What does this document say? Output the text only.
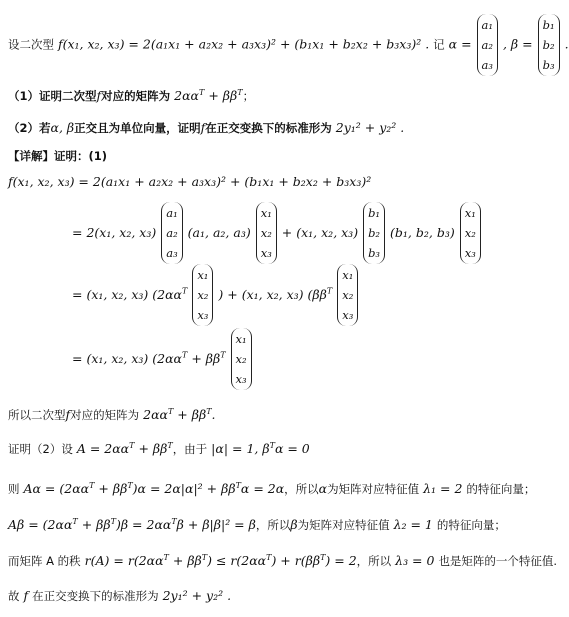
设二次型 f(x₁, x₂, x₃) = 2(a₁x₁ + a₂x₂ + a₃x₃)² + (b₁x₁ + b₂x₂ + b₃x₃)² . 记 α =
a₁
a₂
a₃
, β =
b₁
b₂
b₃
.
（1）证明二次型f对应的矩阵为 $2\alpha\alpha^T + \beta\beta^T$；
（2）若α, β正交且为单位向量，证明f在正交变换下的标准形为 2y₁² + y₂² .
【详解】证明：(1)
f(x₁, x₂, x₃) = 2(a₁x₁ + a₂x₂ + a₃x₃)² + (b₁x₁ + b₂x₂ + b₃x₃)²
= 2(x₁, x₂, x₃)
a₁
a₂
a₃
(a₁, a₂, a₃)
x₁
x₂
x₃
+ (x₁, x₂, x₃)
b₁
b₂
b₃
(b₁, b₂, b₃)
x₁
x₂
x₃
= (x₁, x₂, x₃) ($2\alpha\alpha^T$
x₁
x₂
x₃
) + (x₁, x₂, x₃) ($\beta\beta^T$
x₁
x₂
x₃
= (x₁, x₂, x₃) ($2\alpha\alpha^T + \beta\beta^T$
x₁
x₂
x₃
所以二次型f对应的矩阵为 $2\alpha\alpha^T + \beta\beta^T$.
证明（2）设 $A = 2\alpha\alpha^T + \beta\beta^T$，由于 |α| = 1, $\beta^T\alpha = 0$
则 $A\alpha = (2\alpha\alpha^T + \beta\beta^T)\alpha = 2\alpha|\alpha|^2 + \beta\beta^T\alpha = 2\alpha$，所以α为矩阵对应特征值 λ₁ = 2 的特征向量；
$A\beta = (2\alpha\alpha^T + \beta\beta^T)\beta = 2\alpha\alpha^T\beta + \beta|\beta|^2 = \beta$，所以β为矩阵对应特征值 λ₂ = 1 的特征向量；
而矩阵 A 的秩 $r(A) = r(2\alpha\alpha^T + \beta\beta^T) \le r(2\alpha\alpha^T) + r(\beta\beta^T) = 2$，所以 λ₃ = 0 也是矩阵的一个特征值.
故 f 在正交变换下的标准形为 2y₁² + y₂² .
